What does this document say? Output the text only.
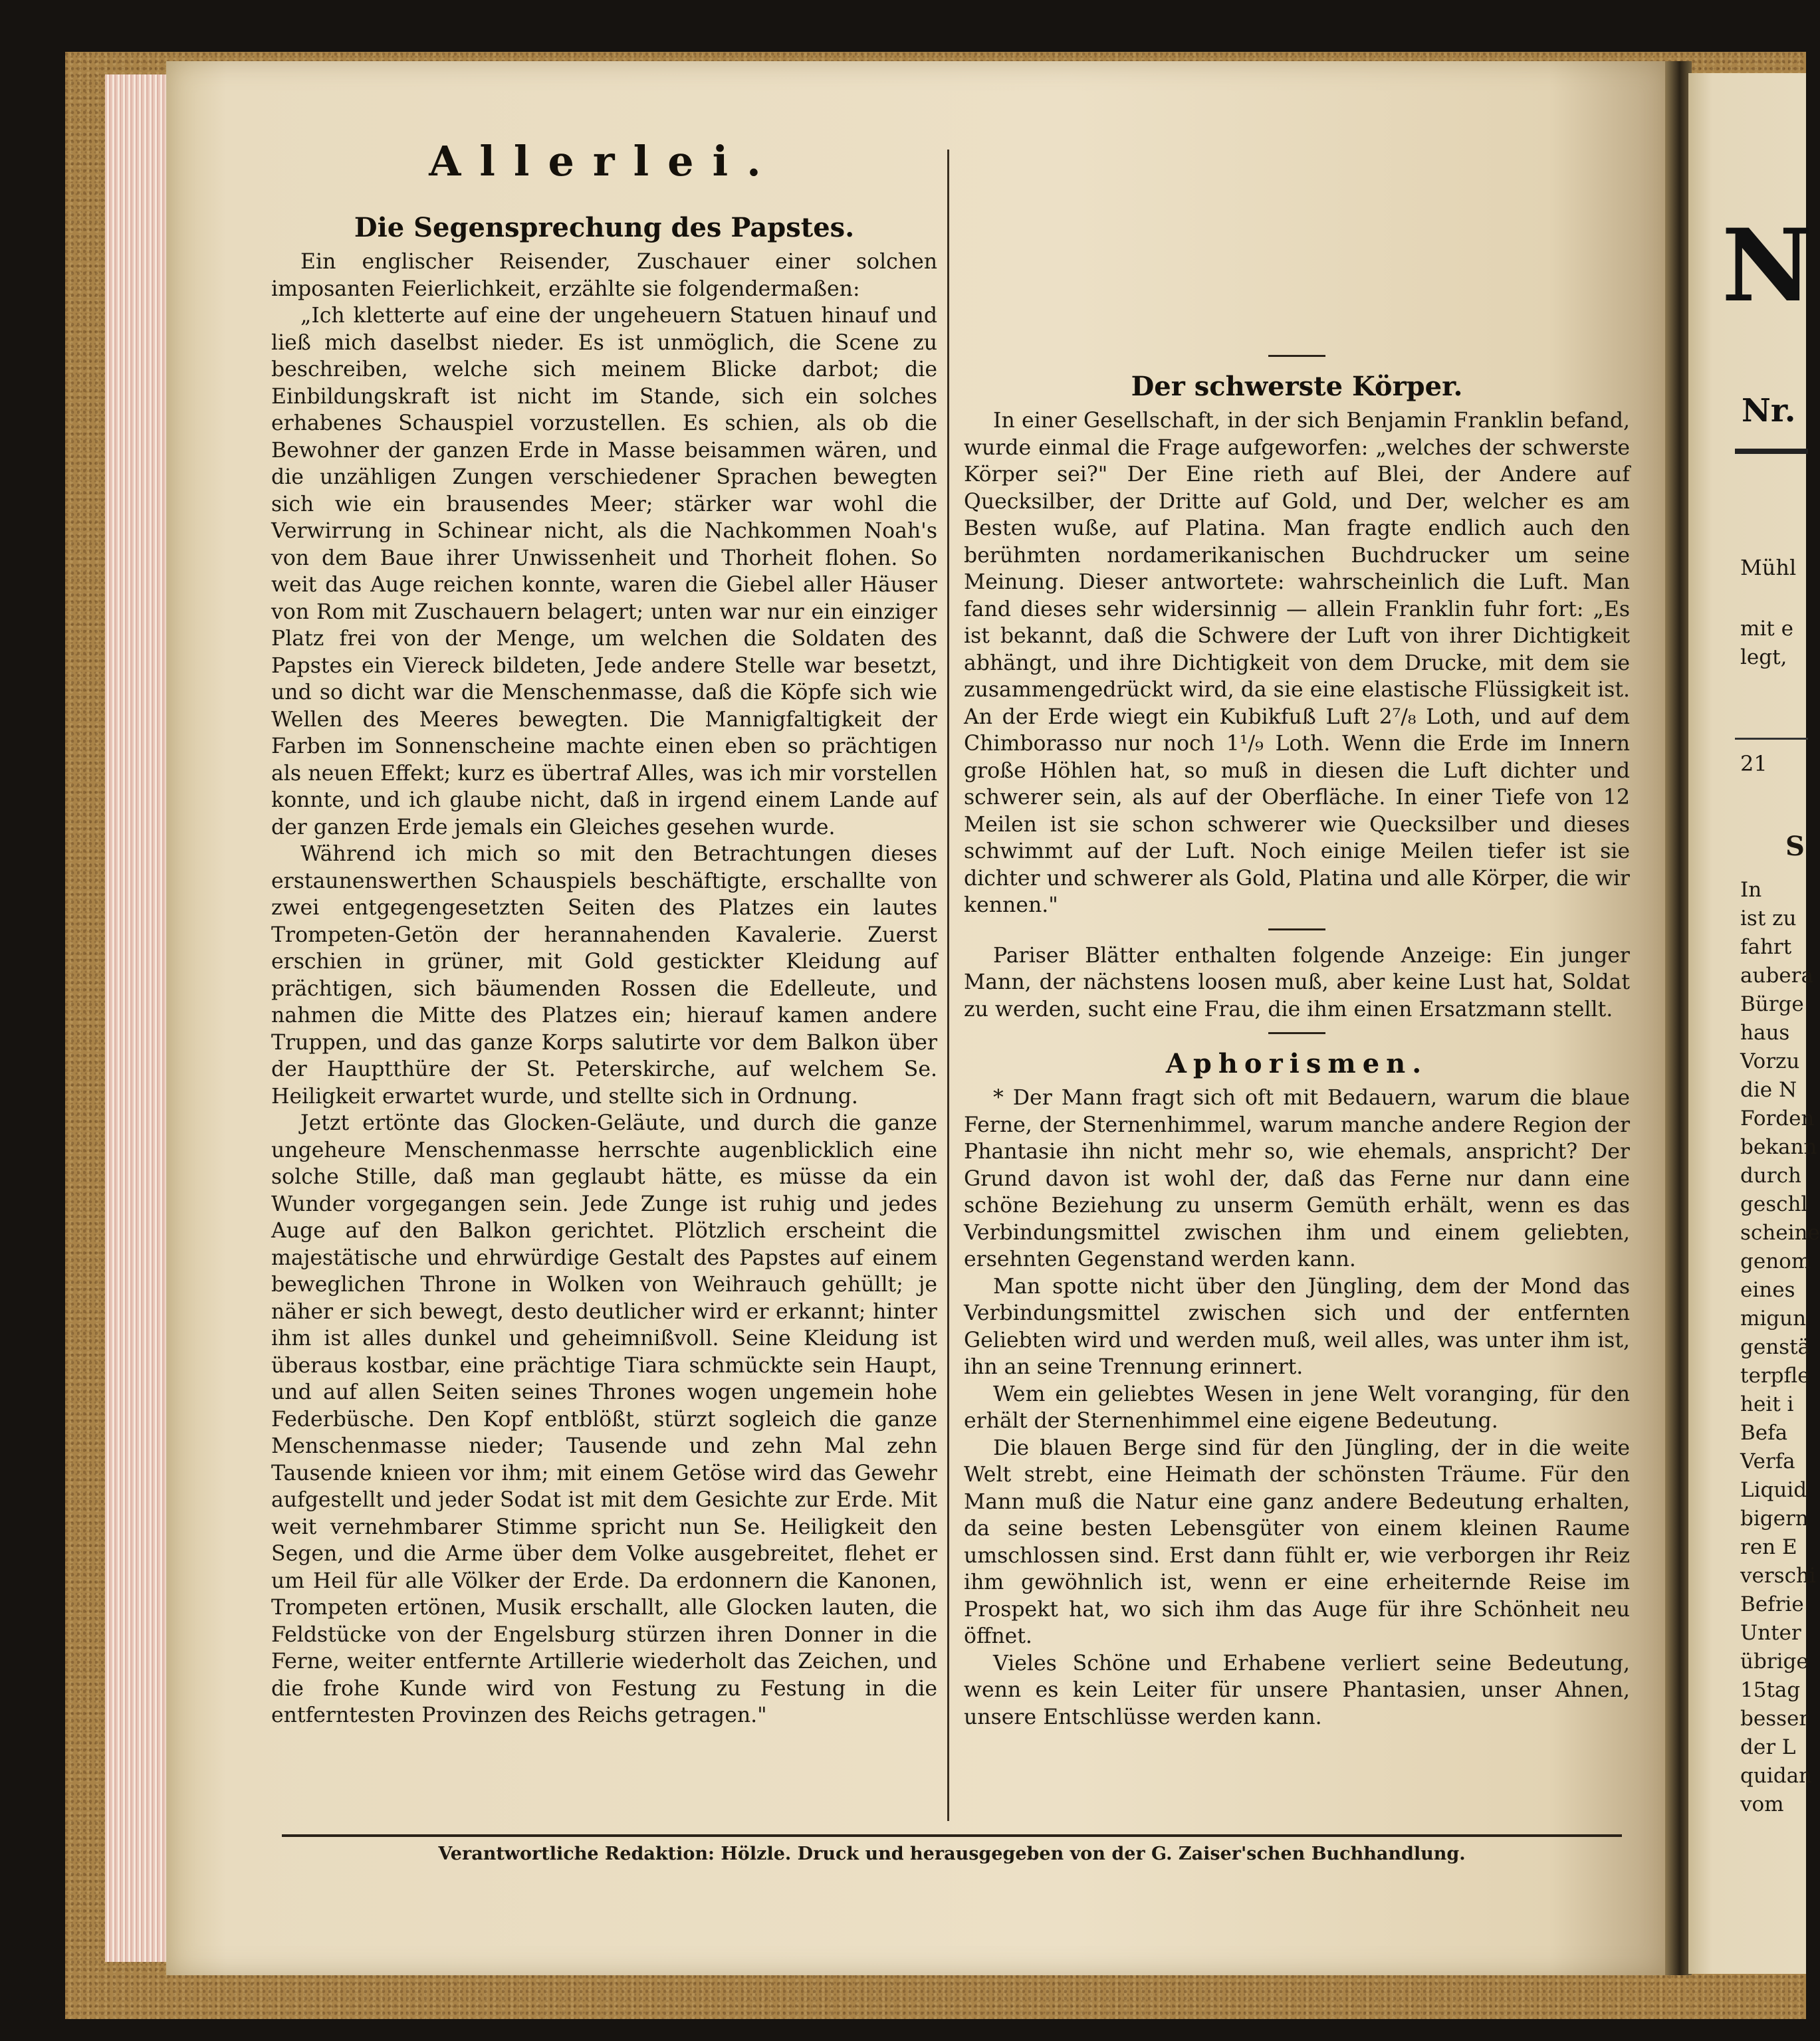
Allerlei.
Die Segensprechung des Papstes.

Ein englischer Reisender, Zuschauer einer solchen imposanten Feierlichkeit, erzählte sie folgendermaßen:

„Ich kletterte auf eine der ungeheuern Statuen hinauf und ließ mich daselbst nieder. Es ist unmöglich, die Scene zu beschreiben, welche sich meinem Blicke darbot; die Einbildungskraft ist nicht im Stande, sich ein solches erhabenes Schauspiel vorzustellen. Es schien, als ob die Bewohner der ganzen Erde in Masse beisammen wären, und die unzähligen Zungen verschiedener Sprachen bewegten sich wie ein brausendes Meer; stärker war wohl die Verwirrung in Schinear nicht, als die Nachkommen Noah's von dem Baue ihrer Unwissenheit und Thorheit flohen. So weit das Auge reichen konnte, waren die Giebel aller Häuser von Rom mit Zuschauern belagert; unten war nur ein einziger Platz frei von der Menge, um welchen die Soldaten des Papstes ein Viereck bildeten, Jede andere Stelle war besetzt, und so dicht war die Menschenmasse, daß die Köpfe sich wie Wellen des Meeres bewegten. Die Mannigfaltigkeit der Farben im Sonnenscheine machte einen eben so prächtigen als neuen Effekt; kurz es übertraf Alles, was ich mir vorstellen konnte, und ich glaube nicht, daß in irgend einem Lande auf der ganzen Erde jemals ein Gleiches gesehen wurde.

Während ich mich so mit den Betrachtungen dieses erstaunenswerthen Schauspiels beschäftigte, erschallte von zwei entgegengesetzten Seiten des Platzes ein lautes Trompeten-Getön der herannahenden Kavalerie. Zuerst erschien in grüner, mit Gold gestickter Kleidung auf prächtigen, sich bäumenden Rossen die Edelleute, und nahmen die Mitte des Platzes ein; hierauf kamen andere Truppen, und das ganze Korps salutirte vor dem Balkon über der Hauptthüre der St. Peterskirche, auf welchem Se. Heiligkeit erwartet wurde, und stellte sich in Ordnung.

Jetzt ertönte das Glocken-Geläute, und durch die ganze ungeheure Menschenmasse herrschte augenblicklich eine solche Stille, daß man geglaubt hätte, es müsse da ein Wunder vorgegangen sein. Jede Zunge ist ruhig und jedes Auge auf den Balkon gerichtet. Plötzlich erscheint die majestätische und ehrwürdige Gestalt des Papstes auf einem beweglichen Throne in Wolken von Weihrauch gehüllt; je näher er sich bewegt, desto deutlicher wird er erkannt; hinter ihm ist alles dunkel und geheimnißvoll. Seine Kleidung ist überaus kostbar, eine prächtige Tiara schmückte sein Haupt, und auf allen Seiten seines Thrones wogen ungemein hohe Federbüsche. Den Kopf entblößt, stürzt sogleich die ganze Menschenmasse nieder; Tausende und zehn Mal zehn Tausende knieen vor ihm; mit einem Getöse wird das Gewehr aufgestellt und jeder Sodat ist mit dem Gesichte zur Erde. Mit weit vernehmbarer Stimme spricht nun Se. Heiligkeit den Segen, und die Arme über dem Volke ausgebreitet, flehet er um Heil für alle Völker der Erde. Da erdonnern die Kanonen, Trompeten ertönen, Musik erschallt, alle Glocken lauten, die Feldstücke von der Engelsburg stürzen ihren Donner in die Ferne, weiter entfernte Artillerie wiederholt das Zeichen, und die frohe Kunde wird von Festung zu Festung in die entferntesten Provinzen des Reichs getragen."

Der schwerste Körper.

In einer Gesellschaft, in der sich Benjamin Franklin befand, wurde einmal die Frage aufgeworfen: „welches der schwerste Körper sei?" Der Eine rieth auf Blei, der Andere auf Quecksilber, der Dritte auf Gold, und Der, welcher es am Besten wuße, auf Platina. Man fragte endlich auch den berühmten nordamerikanischen Buchdrucker um seine Meinung. Dieser antwortete: wahrscheinlich die Luft. Man fand dieses sehr widersinnig — allein Franklin fuhr fort: „Es ist bekannt, daß die Schwere der Luft von ihrer Dichtigkeit abhängt, und ihre Dichtigkeit von dem Drucke, mit dem sie zusammengedrückt wird, da sie eine elastische Flüssigkeit ist. An der Erde wiegt ein Kubikfuß Luft 2⁷/₈ Loth, und auf dem Chimborasso nur noch 1¹/₉ Loth. Wenn die Erde im Innern große Höhlen hat, so muß in diesen die Luft dichter und schwerer sein, als auf der Oberfläche. In einer Tiefe von 12 Meilen ist sie schon schwerer wie Quecksilber und dieses schwimmt auf der Luft. Noch einige Meilen tiefer ist sie dichter und schwerer als Gold, Platina und alle Körper, die wir kennen."

Pariser Blätter enthalten folgende Anzeige: Ein junger Mann, der nächstens loosen muß, aber keine Lust hat, Soldat zu werden, sucht eine Frau, die ihm einen Ersatzmann stellt.

Aphorismen.

* Der Mann fragt sich oft mit Bedauern, warum die blaue Ferne, der Sternenhimmel, warum manche andere Region der Phantasie ihn nicht mehr so, wie ehemals, anspricht? Der Grund davon ist wohl der, daß das Ferne nur dann eine schöne Beziehung zu unserm Gemüth erhält, wenn es das Verbindungsmittel zwischen ihm und einem geliebten, ersehnten Gegenstand werden kann.

Man spotte nicht über den Jüngling, dem der Mond das Verbindungsmittel zwischen sich und der entfernten Geliebten wird und werden muß, weil alles, was unter ihm ist, ihn an seine Trennung erinnert.

Wem ein geliebtes Wesen in jene Welt voranging, für den erhält der Sternenhimmel eine eigene Bedeutung.

Die blauen Berge sind für den Jüngling, der in die weite Welt strebt, eine Heimath der schönsten Träume. Für den Mann muß die Natur eine ganz andere Bedeutung erhalten, da seine besten Lebensgüter von einem kleinen Raume umschlossen sind. Erst dann fühlt er, wie verborgen ihr Reiz ihm gewöhnlich ist, wenn er eine erheiternde Reise im Prospekt hat, wo sich ihm das Auge für ihre Schönheit neu öffnet.

Vieles Schöne und Erhabene verliert seine Bedeutung, wenn es kein Leiter für unsere Phantasien, unser Ahnen, unsere Entschlüsse werden kann.

Verantwortliche Redaktion: Hölzle. Druck und herausgegeben von der G. Zaiser'schen Buchhandlung.
N
Nr.
Mühl
mit e
legt,
21
S
In
ist zu
fahrt
aubera
Bürge
haus
Vorzu
die N
Forden
bekann
durch
geschl
scheine
genom
eines
migun
genstä
terpfle
heit i
Befa
Verfa
Liquid
bigern
ren E
verschi
Befrie
Unter
übrige
15tag
besser
der L
quidan
vom
